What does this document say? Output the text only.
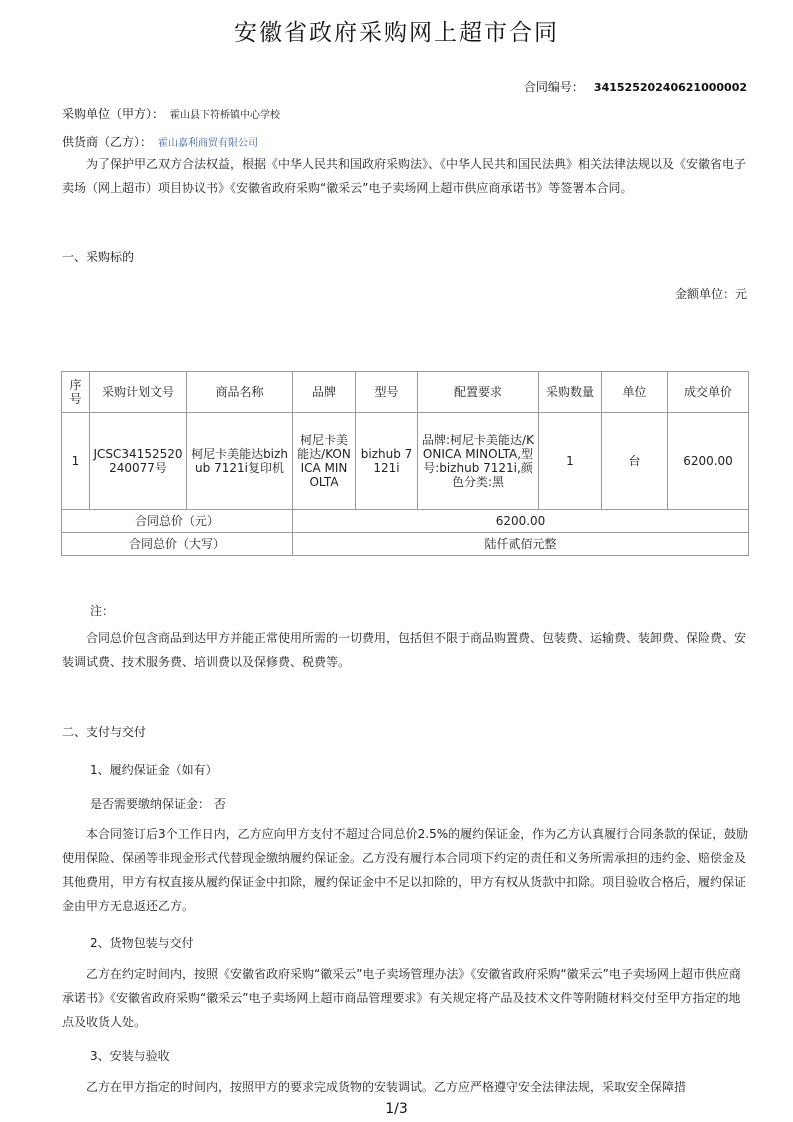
安徽省政府采购网上超市合同
合同编号： 34152520240621000002
采购单位（甲方）： 霍山县下符桥镇中心学校
供货商（乙方）： 霍山嘉利商贸有限公司

为了保护甲乙双方合法权益，根据《中华人民共和国政府采购法》、《中华人民共和国民法典》相关法律法规以及《安徽省电子卖场（网上超市）项目协议书》《安徽省政府采购“徽采云”电子卖场网上超市供应商承诺书》等签署本合同。

一、采购标的
金额单位：元
序号	采购计划文号	商品名称	品牌	型号	配置要求	采购数量	单位	成交单价
1	JCSC34152520240077号	柯尼卡美能达bizhub 7121i复印机	柯尼卡美能达/KONICA MINOLTA	bizhub 7121i	品牌:柯尼卡美能达/KONICA MINOLTA,型号:bizhub 7121i,颜色分类:黑	1	台	6200.00
合同总价（元）			6200.00					
合同总价（大写）			陆仟贰佰元整					
注：

合同总价包含商品到达甲方并能正常使用所需的一切费用，包括但不限于商品购置费、包装费、运输费、装卸费、保险费、安装调试费、技术服务费、培训费以及保修费、税费等。

二、支付与交付
1、履约保证金（如有）
是否需要缴纳保证金： 否

本合同签订后3个工作日内，乙方应向甲方支付不超过合同总价2.5%的履约保证金，作为乙方认真履行合同条款的保证，鼓励使用保险、保函等非现金形式代替现金缴纳履约保证金。乙方没有履行本合同项下约定的责任和义务所需承担的违约金、赔偿金及其他费用，甲方有权直接从履约保证金中扣除，履约保证金中不足以扣除的，甲方有权从货款中扣除。项目验收合格后，履约保证金由甲方无息返还乙方。

2、货物包装与交付

乙方在约定时间内，按照《安徽省政府采购“徽采云”电子卖场管理办法》《安徽省政府采购“徽采云”电子卖场网上超市供应商承诺书》《安徽省政府采购“徽采云”电子卖场网上超市商品管理要求》有关规定将产品及技术文件等附随材料交付至甲方指定的地点及收货人处。

3、安装与验收

乙方在甲方指定的时间内，按照甲方的要求完成货物的安装调试。乙方应严格遵守安全法律法规，采取安全保障措

1/3
